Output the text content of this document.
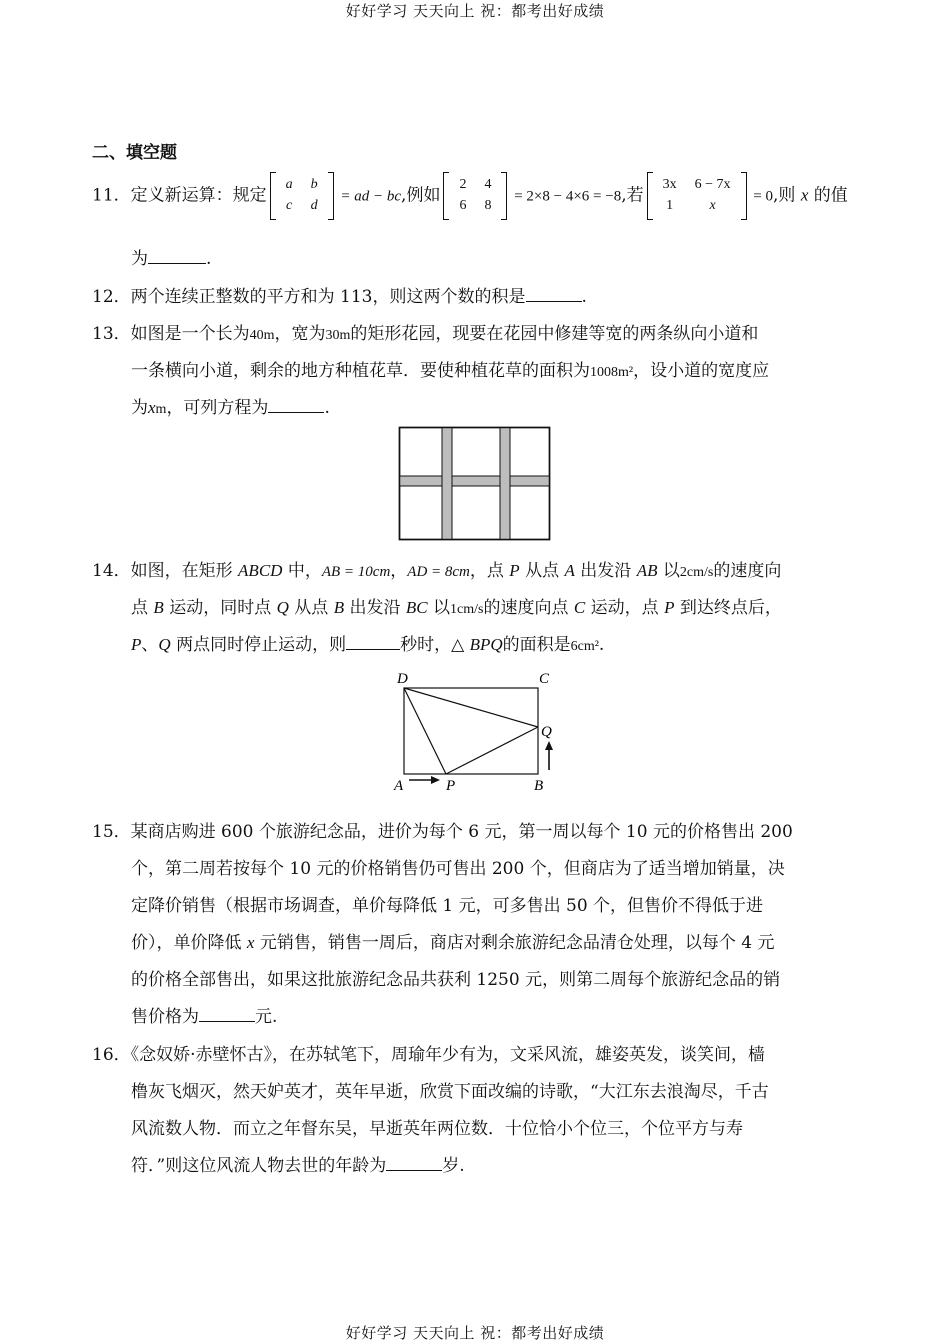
好好学习 天天向上 祝：都考出好成绩
二、填空题
11．定义新运算：规定
a	b
c	d
= ad − bc,例如
2	4
6	8
= 2×8 − 4×6 = −8,若
3x	6 − 7x
1	x
= 0,则 x 的值
为	.
12．两个连续正整数的平方和为 113，则这两个数的积是	.
13．如图是一个长为40m，宽为30m的矩形花园，现要在花园中修建等宽的两条纵向小道和
一条横向小道，剩余的地方种植花草．要使种植花草的面积为1008m²，设小道的宽度应
为xm，可列方程为	.
14．如图，在矩形 ABCD 中，AB = 10cm，AD = 8cm，点 P 从点 A 出发沿 AB 以2cm/s的速度向
点 B 运动，同时点 Q 从点 B 出发沿 BC 以1cm/s的速度向点 C 运动，点 P 到达终点后，
P、Q 两点同时停止运动，则	秒时，△ BPQ的面积是6cm².
D	C
Q
A	P	B
15．某商店购进 600 个旅游纪念品，进价为每个 6 元，第一周以每个 10 元的价格售出 200
个，第二周若按每个 10 元的价格销售仍可售出 200 个，但商店为了适当增加销量，决
定降价销售（根据市场调查，单价每降低 1 元，可多售出 50 个，但售价不得低于进
价），单价降低 x 元销售，销售一周后，商店对剩余旅游纪念品清仓处理，以每个 4 元
的价格全部售出，如果这批旅游纪念品共获利 1250 元，则第二周每个旅游纪念品的销
售价格为	元.
16．《念奴娇·赤壁怀古》，在苏轼笔下，周瑜年少有为，文采风流，雄姿英发，谈笑间，樯
橹灰飞烟灭，然天妒英才，英年早逝，欣赏下面改编的诗歌，“大江东去浪淘尽，千古
风流数人物．而立之年督东吴，早逝英年两位数．十位恰小个位三，个位平方与寿
符．”则这位风流人物去世的年龄为	岁.
好好学习 天天向上 祝：都考出好成绩
